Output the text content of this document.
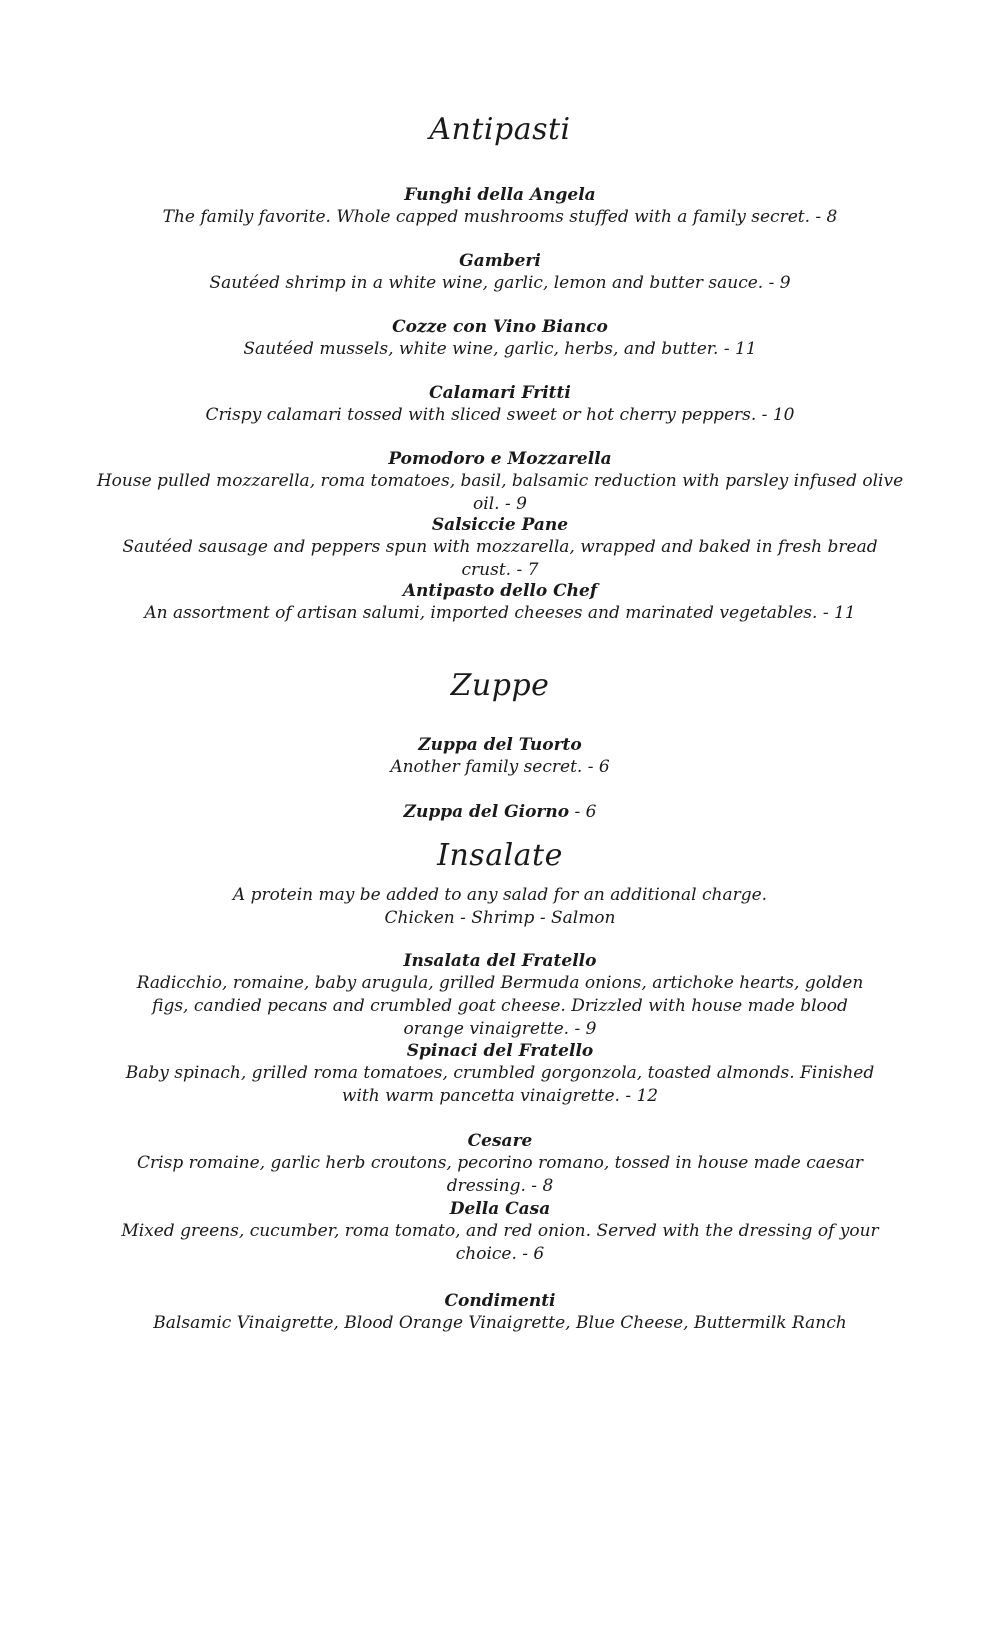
Antipasti
Funghi della Angela
The family favorite. Whole capped mushrooms stuffed with a family secret. - 8
Gamberi
Sautéed shrimp in a white wine, garlic, lemon and butter sauce. - 9
Cozze con Vino Bianco
Sautéed mussels, white wine, garlic, herbs, and butter. - 11
Calamari Fritti
Crispy calamari tossed with sliced sweet or hot cherry peppers. - 10
Pomodoro e Mozzarella
House pulled mozzarella, roma tomatoes, basil, balsamic reduction with parsley infused olive oil. - 9
Salsiccie Pane
Sautéed sausage and peppers spun with mozzarella, wrapped and baked in fresh bread crust. - 7
Antipasto dello Chef
An assortment of artisan salumi, imported cheeses and marinated vegetables. - 11
Zuppe
Zuppa del Tuorto
Another family secret. - 6
Zuppa del Giorno - 6
Insalate
A protein may be added to any salad for an additional charge.
Chicken - Shrimp - Salmon
Insalata del Fratello
Radicchio, romaine, baby arugula, grilled Bermuda onions, artichoke hearts, golden figs, candied pecans and crumbled goat cheese. Drizzled with house made blood orange vinaigrette. - 9
Spinaci del Fratello
Baby spinach, grilled roma tomatoes, crumbled gorgonzola, toasted almonds. Finished with warm pancetta vinaigrette. - 12
Cesare
Crisp romaine, garlic herb croutons, pecorino romano, tossed in house made caesar dressing. - 8
Della Casa
Mixed greens, cucumber, roma tomato, and red onion. Served with the dressing of your choice. - 6
Condimenti
Balsamic Vinaigrette, Blood Orange Vinaigrette, Blue Cheese, Buttermilk Ranch
